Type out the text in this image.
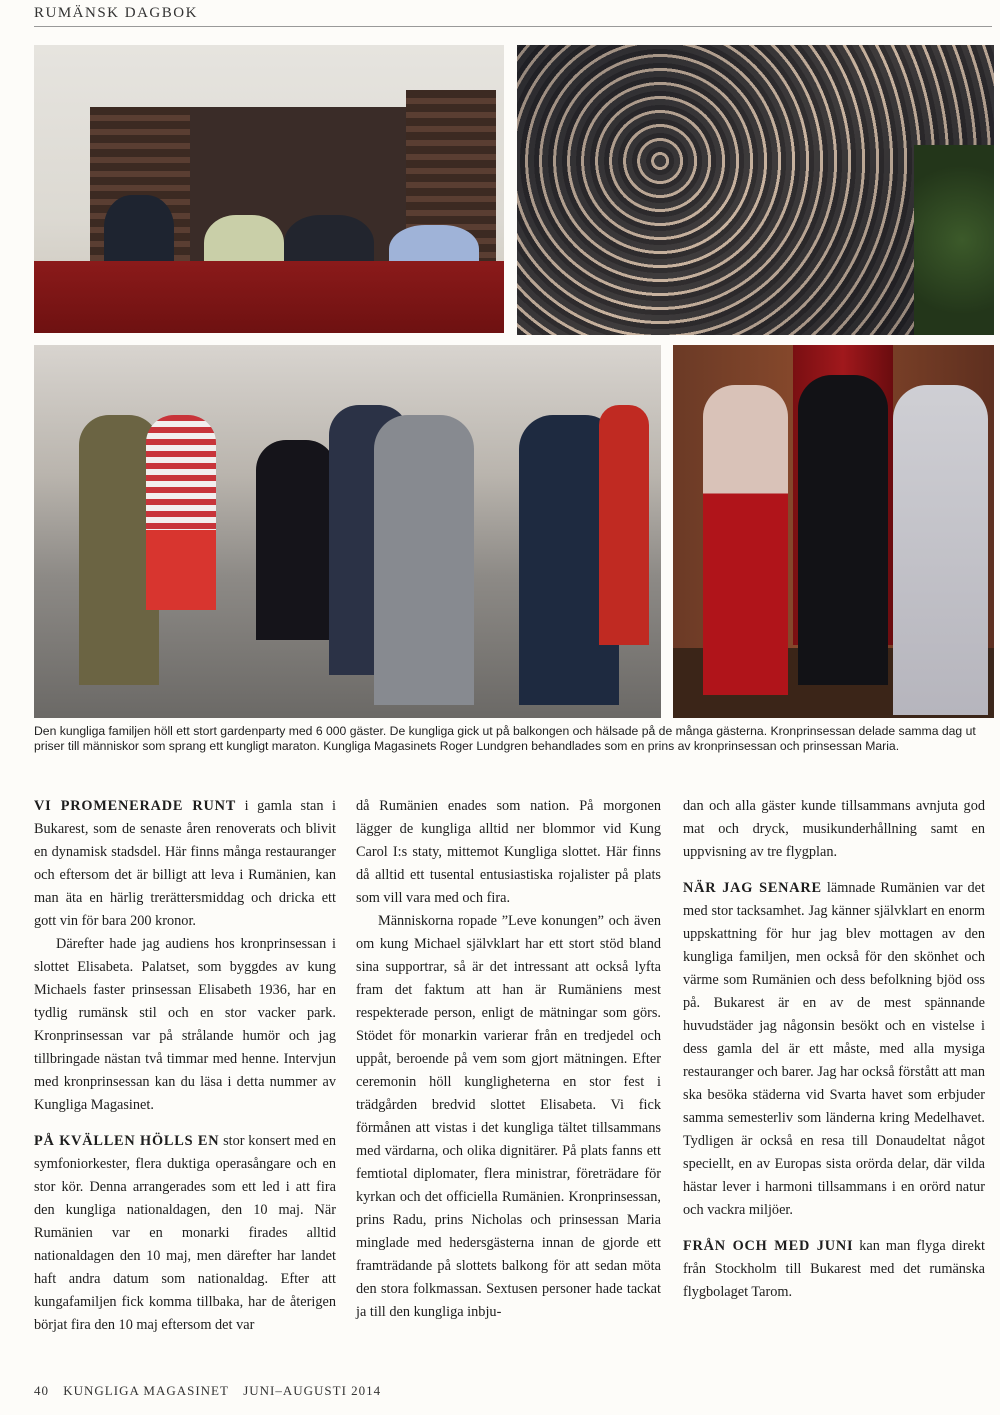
RUMÄNSK DAGBOK

Den kungliga familjen höll ett stort gardenparty med 6 000 gäster. De kungliga gick ut på balkongen och hälsade på de många gästerna. Kronprinsessan delade samma dag ut priser till människor som sprang ett kungligt maraton. Kungliga Magasinets Roger Lundgren behandlades som en prins av kronprinsessan och prinsessan Maria.

VI PROMENERADE RUNT i gamla stan i Bukarest, som de senaste åren renoverats och blivit en dynamisk stadsdel. Här finns många restauranger och eftersom det är billigt att leva i Rumänien, kan man äta en härlig trerättersmiddag och dricka ett gott vin för bara 200 kronor.

Därefter hade jag audiens hos kronprinsessan i slottet Elisabeta. Palatset, som byggdes av kung Michaels faster prinsessan Elisabeth 1936, har en tydlig rumänsk stil och en stor vacker park. Kronprinsessan var på strålande humör och jag tillbringade nästan två timmar med henne. Intervjun med kronprinsessan kan du läsa i detta nummer av Kungliga Magasinet.

PÅ KVÄLLEN HÖLLS EN stor konsert med en symfoniorkester, flera duktiga operasångare och en stor kör. Denna arrangerades som ett led i att fira den kungliga nationaldagen, den 10 maj. När Rumänien var en monarki firades alltid nationaldagen den 10 maj, men därefter har landet haft andra datum som nationaldag. Efter att kungafamiljen fick komma tillbaka, har de återigen börjat fira den 10 maj eftersom det var

då Rumänien enades som nation. På morgonen lägger de kungliga alltid ner blommor vid Kung Carol I:s staty, mittemot Kungliga slottet. Här finns då alltid ett tusental entusiastiska rojalister på plats som vill vara med och fira.

Människorna ropade ”Leve konungen” och även om kung Michael självklart har ett stort stöd bland sina supportrar, så är det intressant att också lyfta fram det faktum att han är Rumäniens mest respekterade person, enligt de mätningar som görs. Stödet för monarkin varierar från en tredjedel och uppåt, beroende på vem som gjort mätningen. Efter ceremonin höll kungligheterna en stor fest i trädgården bredvid slottet Elisabeta. Vi fick förmånen att vistas i det kungliga tältet tillsammans med värdarna, och olika dignitärer. På plats fanns ett femtiotal diplomater, flera ministrar, företrädare för kyrkan och det officiella Rumänien. Kronprinsessan, prins Radu, prins Nicholas och prinsessan Maria minglade med hedersgästerna innan de gjorde ett framträdande på slottets balkong för att sedan möta den stora folkmassan. Sextusen personer hade tackat ja till den kungliga inbju-

dan och alla gäster kunde tillsammans avnjuta god mat och dryck, musikunderhållning samt en uppvisning av tre flygplan.

NÄR JAG SENARE lämnade Rumänien var det med stor tacksamhet. Jag känner självklart en enorm uppskattning för hur jag blev mottagen av den kungliga familjen, men också för den skönhet och värme som Rumänien och dess befolkning bjöd oss på. Bukarest är en av de mest spännande huvudstäder jag någonsin besökt och en vistelse i dess gamla del är ett måste, med alla mysiga restauranger och barer. Jag har också förstått att man ska besöka städerna vid Svarta havet som erbjuder samma semesterliv som länderna kring Medelhavet. Tydligen är också en resa till Donaudeltat något speciellt, en av Europas sista orörda delar, där vilda hästar lever i harmoni tillsammans i en orörd natur och vackra miljöer.

FRÅN OCH MED JUNI kan man flyga direkt från Stockholm till Bukarest med det rumänska flygbolaget Tarom.

40 KUNGLIGA MAGASINET JUNI–AUGUSTI 2014
